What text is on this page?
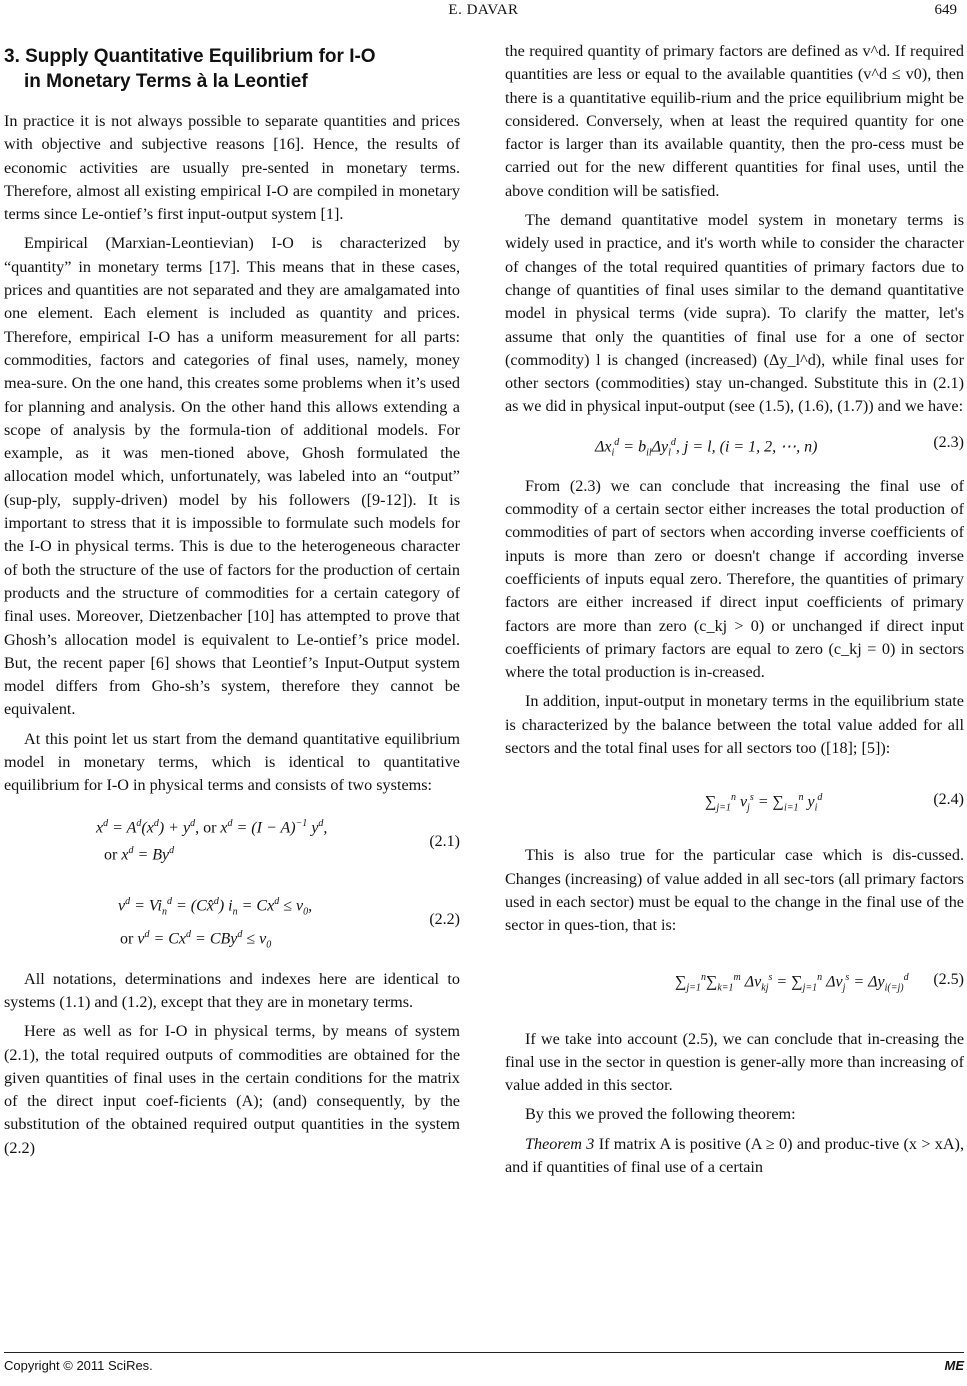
E. DAVAR	649
3. Supply Quantitative Equilibrium for I-O
in Monetary Terms à la Leontief

In practice it is not always possible to separate quantities and prices with objective and subjective reasons [16]. Hence, the results of economic activities are usually pre-sented in monetary terms. Therefore, almost all existing empirical I-O are compiled in monetary terms since Le-ontief’s first input-output system [1].

Empirical (Marxian-Leontievian) I-O is characterized by “quantity” in monetary terms [17]. This means that in these cases, prices and quantities are not separated and they are amalgamated into one element. Each element is included as quantity and prices. Therefore, empirical I-O has a uniform measurement for all parts: commodities, factors and categories of final uses, namely, money mea-sure. On the one hand, this creates some problems when it’s used for planning and analysis. On the other hand this allows extending a scope of analysis by the formula-tion of additional models. For example, as it was men-tioned above, Ghosh formulated the allocation model which, unfortunately, was labeled into an “output” (sup-ply, supply-driven) model by his followers ([9-12]). It is important to stress that it is impossible to formulate such models for the I-O in physical terms. This is due to the heterogeneous character of both the structure of the use of factors for the production of certain products and the structure of commodities for a certain category of final uses. Moreover, Dietzenbacher [10] has attempted to prove that Ghosh’s allocation model is equivalent to Le-ontief’s price model. But, the recent paper [6] shows that Leontief’s Input-Output system model differs from Gho-sh’s system, therefore they cannot be equivalent.

At this point let us start from the demand quantitative equilibrium model in monetary terms, which is identical to quantitative equilibrium for I-O in physical terms and consists of two systems:

$x^d = A^d(x^d) + y^d$, or $x^d = (I - A)^{-1}$ $y^d$,
or $x^d = By^d$
(2.1)
$v^d = Vi_n^d$ = (Cx̂$^d$) $i_n = Cx^d \le v_0$,
or $v^d = Cx^d = CBy^d \le v_0$
(2.2)

All notations, determinations and indexes here are identical to systems (1.1) and (1.2), except that they are in monetary terms.

Here as well as for I-O in physical terms, by means of system (2.1), the total required outputs of commodities are obtained for the given quantities of final uses in the certain conditions for the matrix of the direct input coef-ficients (A); (and) consequently, by the substitution of the obtained required output quantities in the system (2.2)

the required quantity of primary factors are defined as v^d. If required quantities are less or equal to the available quantities (v^d ≤ v0), then there is a quantitative equilib-rium and the price equilibrium might be considered. Conversely, when at least the required quantity for one factor is larger than its available quantity, then the pro-cess must be carried out for the new different quantities for final uses, until the above condition will be satisfied.

The demand quantitative model system in monetary terms is widely used in practice, and it's worth while to consider the character of changes of the total required quantities of primary factors due to change of quantities of final uses similar to the demand quantitative model in physical terms (vide supra). To clarify the matter, let's assume that only the quantities of final use for a one of sector (commodity) l is changed (increased) (Δy_l^d), while final uses for other sectors (commodities) stay un-changed. Substitute this in (2.1) as we did in physical input-output (see (1.5), (1.6), (1.7)) and we have:

$\Delta x_i^d = b_{il}\Delta y_l^d$, j = l, (i = 1, 2, ⋯, n)	(2.3)

From (2.3) we can conclude that increasing the final use of commodity of a certain sector either increases the total production of commodities of part of sectors when according inverse coefficients of inputs is more than zero or doesn't change if according inverse coefficients of inputs equal zero. Therefore, the quantities of primary factors are either increased if direct input coefficients of primary factors are more than zero (c_kj > 0) or unchanged if direct input coefficients of primary factors are equal to zero (c_kj = 0) in sectors where the total production is in-creased.

In addition, input-output in monetary terms in the equilibrium state is characterized by the balance between the total value added for all sectors and the total final uses for all sectors too ([18]; [5]):

$\sum_{j=1}^n$ $v_j^s = \sum_{i=1}^n$ $y_i^d$	(2.4)

This is also true for the particular case which is dis-cussed. Changes (increasing) of value added in all sec-tors (all primary factors used in each sector) must be equal to the change in the final use of the sector in ques-tion, that is:

$\sum_{j=1}^n\sum_{k=1}^m$ $\Delta v_{kj}^s = \sum_{j=1}^n$ $\Delta v_j^s = \Delta y_{i(=j)}^d$	(2.5)

If we take into account (2.5), we can conclude that in-creasing the final use in the sector in question is gener-ally more than increasing of value added in this sector.

By this we proved the following theorem:

Theorem 3 If matrix A is positive (A ≥ 0) and produc-tive (x > xA), and if quantities of final use of a certain

Copyright © 2011 SciRes.	ME
